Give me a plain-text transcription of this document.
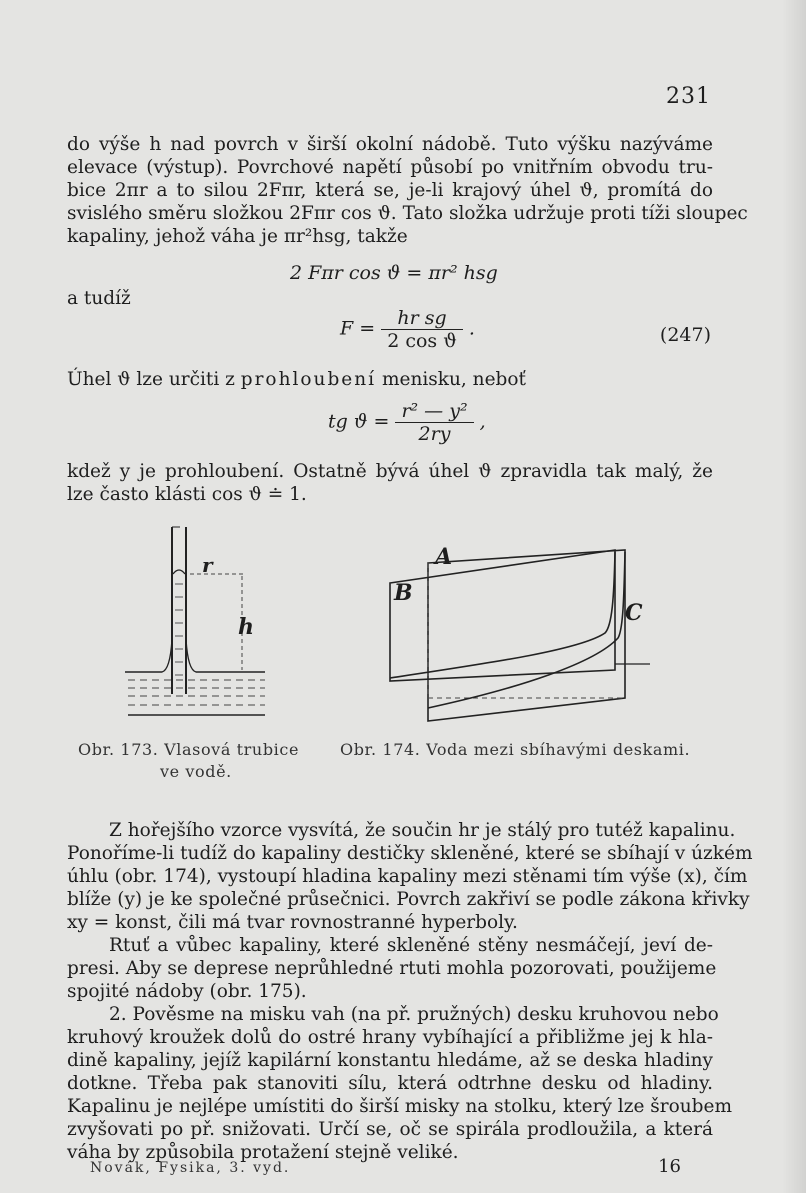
231
do výše h nad povrch v širší okolní nádobě. Tuto výšku nazýváme
elevace (výstup). Povrchové napětí působí po vnitřním obvodu tru-
bice 2πr a to silou 2Fπr, která se, je-li krajový úhel ϑ, promítá do
svislého směru složkou 2Fπr cos ϑ. Tato složka udržuje proti tíži sloupec
kapaliny, jehož váha je πr²hsg, takže
2 Fπr cos ϑ = πr² hsg
a tudíž
$F = \frac{\text{hr sg}}{\text{2 cos ϑ}}$ .	(247)
Úhel ϑ lze určiti z prohloubení menisku, neboť
tg $ϑ = \frac{\text{r² — y²}}{2ry}$ ,
kdež y je prohloubení. Ostatně bývá úhel ϑ zpravidla tak malý, že
lze často klásti cos ϑ ≐ 1.
r
h
A
B
C
Obr. 173. Vlasová trubice
ve vodě.
Obr. 174. Voda mezi sbíhavými deskami.
Z hořejšího vzorce vysvítá, že součin hr je stálý pro tutéž kapalinu.
Ponoříme-li tudíž do kapaliny destičky skleněné, které se sbíhají v úzkém
úhlu (obr. 174), vystoupí hladina kapaliny mezi stěnami tím výše (x), čím
blíže (y) je ke společné průsečnici. Povrch zakřiví se podle zákona křivky
xy = konst, čili má tvar rovnostranné hyperboly.
Rtuť a vůbec kapaliny, které skleněné stěny nesmáčejí, jeví de-
presi. Aby se deprese neprůhledné rtuti mohla pozorovati, použijeme
spojité nádoby (obr. 175).
2. Pověsme na misku vah (na př. pružných) desku kruhovou nebo
kruhový kroužek dolů do ostré hrany vybíhající a přibližme jej k hla-
dině kapaliny, jejíž kapilární konstantu hledáme, až se deska hladiny
dotkne. Třeba pak stanoviti sílu, která odtrhne desku od hladiny.
Kapalinu je nejlépe umístiti do širší misky na stolku, který lze šroubem
zvyšovati po př. snižovati. Určí se, oč se spirála prodloužila, a která
váha by způsobila protažení stejně veliké.
Novák, Fysika, 3. vyd.	16
